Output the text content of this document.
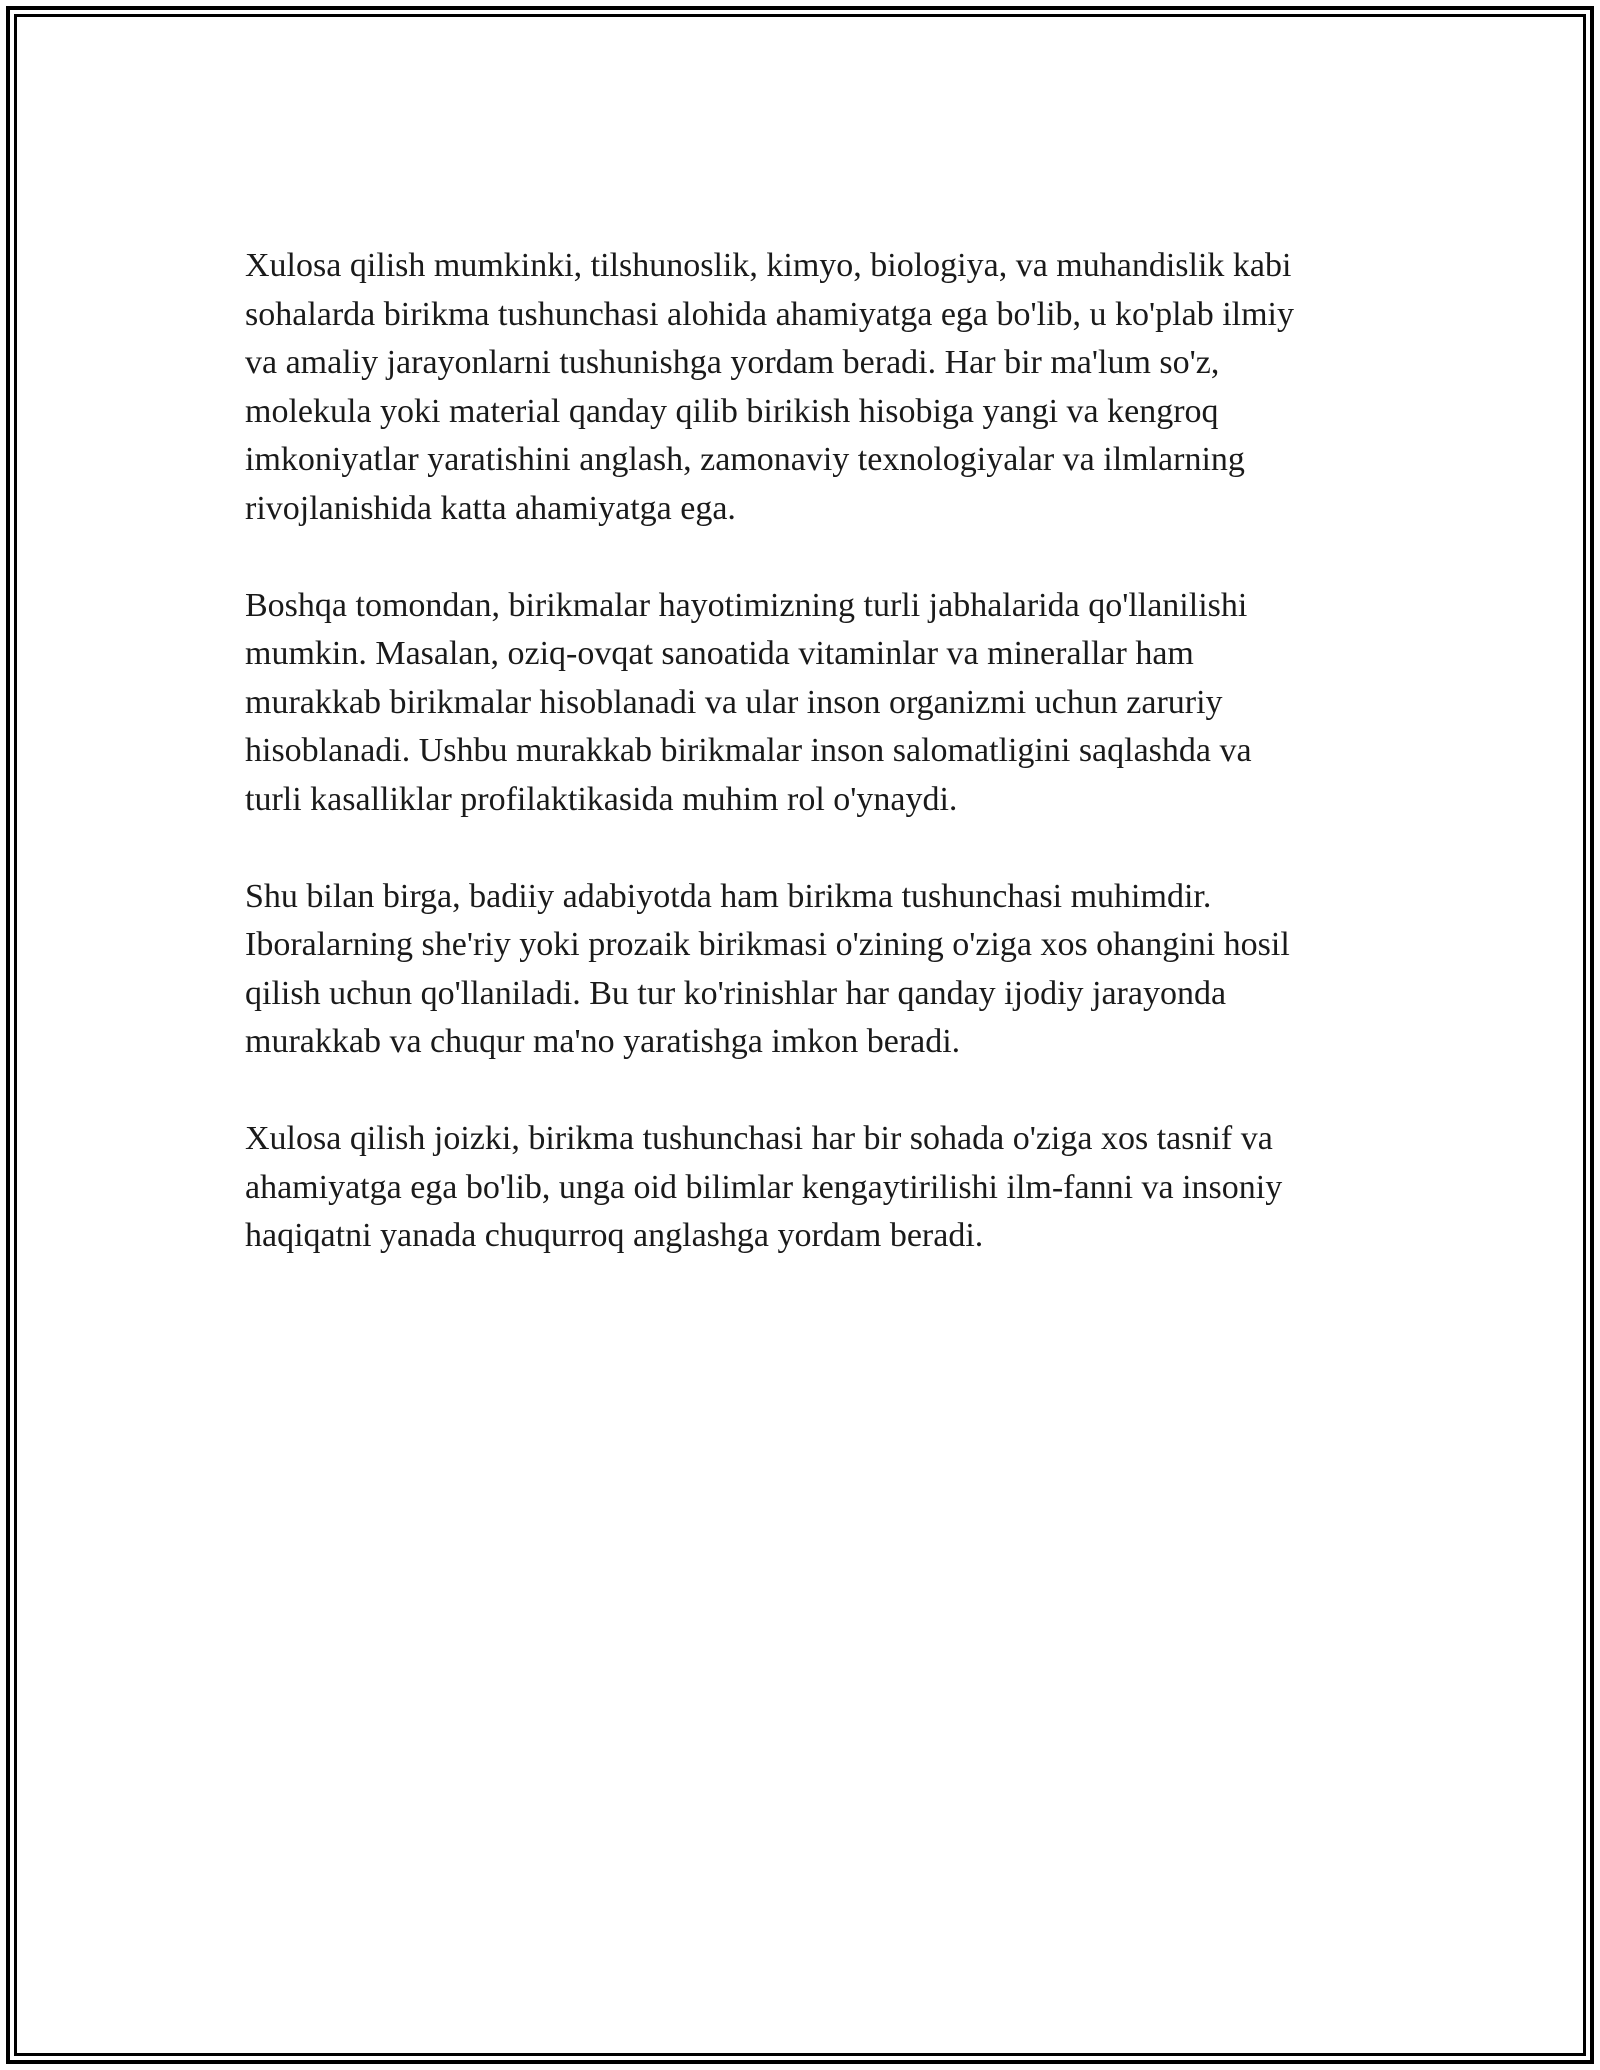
Xulosa qilish mumkinki, tilshunoslik, kimyo, biologiya, va muhandislik kabi
sohalarda birikma tushunchasi alohida ahamiyatga ega bo'lib, u ko'plab ilmiy
va amaliy jarayonlarni tushunishga yordam beradi. Har bir ma'lum so'z,
molekula yoki material qanday qilib birikish hisobiga yangi va kengroq
imkoniyatlar yaratishini anglash, zamonaviy texnologiyalar va ilmlarning
rivojlanishida katta ahamiyatga ega.

Boshqa tomondan, birikmalar hayotimizning turli jabhalarida qo'llanilishi
mumkin. Masalan, oziq-ovqat sanoatida vitaminlar va minerallar ham
murakkab birikmalar hisoblanadi va ular inson organizmi uchun zaruriy
hisoblanadi. Ushbu murakkab birikmalar inson salomatligini saqlashda va
turli kasalliklar profilaktikasida muhim rol o'ynaydi.

Shu bilan birga, badiiy adabiyotda ham birikma tushunchasi muhimdir.
Iboralarning she'riy yoki prozaik birikmasi o'zining o'ziga xos ohangini hosil
qilish uchun qo'llaniladi. Bu tur ko'rinishlar har qanday ijodiy jarayonda
murakkab va chuqur ma'no yaratishga imkon beradi.

Xulosa qilish joizki, birikma tushunchasi har bir sohada o'ziga xos tasnif va
ahamiyatga ega bo'lib, unga oid bilimlar kengaytirilishi ilm-fanni va insoniy
haqiqatni yanada chuqurroq anglashga yordam beradi.
